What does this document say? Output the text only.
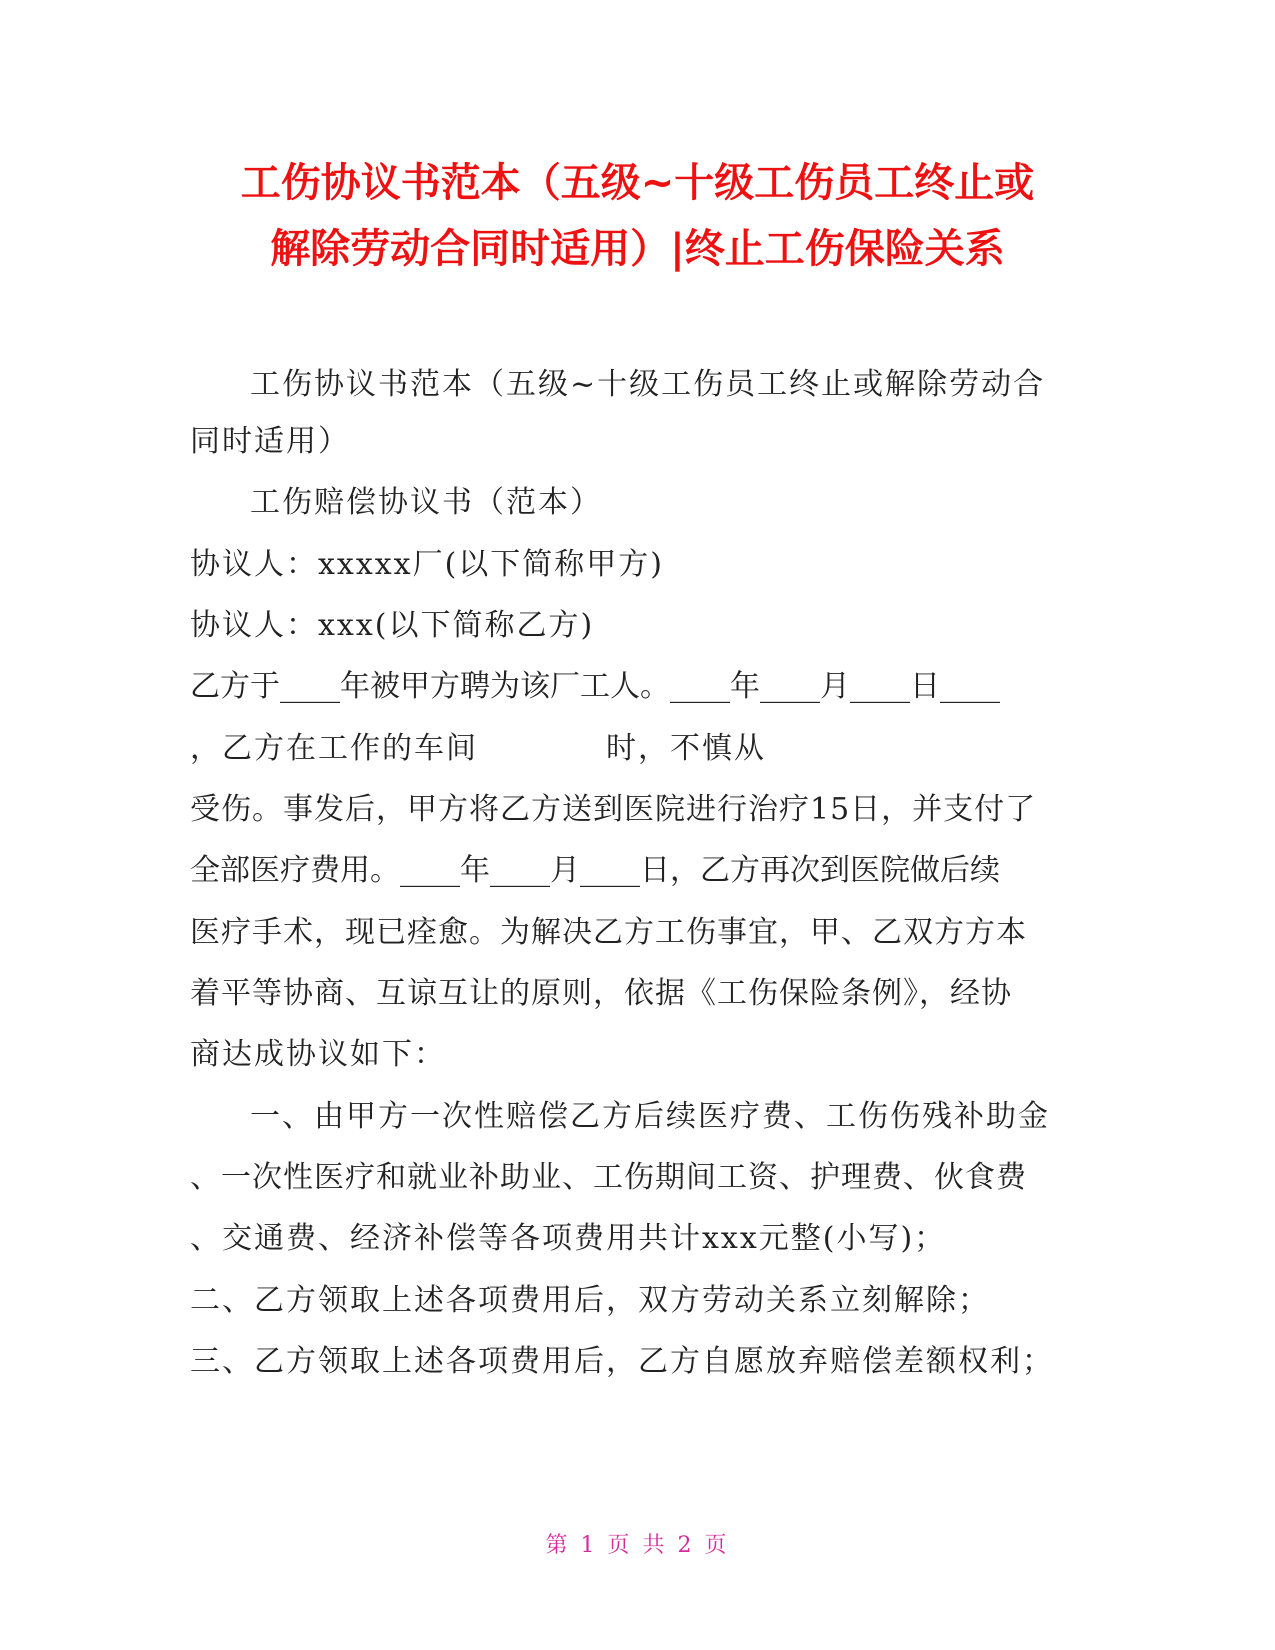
工伤协议书范本（五级~十级工伤员工终止或
解除劳动合同时适用）|终止工伤保险关系
工伤协议书范本（五级~十级工伤员工终止或解除劳动合
同时适用）
工伤赔偿协议书（范本）
协议人：xxxxx厂(以下简称甲方)
协议人：xxx(以下简称乙方)
乙方于____年被甲方聘为该厂工人。____年____月____日____
，乙方在工作的车间　　　　时，不慎从
受伤。事发后，甲方将乙方送到医院进行治疗15日，并支付了
全部医疗费用。____年____月____日，乙方再次到医院做后续
医疗手术，现已痊愈。为解决乙方工伤事宜，甲、乙双方方本
着平等协商、互谅互让的原则，依据《工伤保险条例》，经协
商达成协议如下：
一、由甲方一次性赔偿乙方后续医疗费、工伤伤残补助金
、一次性医疗和就业补助业、工伤期间工资、护理费、伙食费
、交通费、经济补偿等各项费用共计xxx元整(小写)；
二、乙方领取上述各项费用后，双方劳动关系立刻解除；
三、乙方领取上述各项费用后，乙方自愿放弃赔偿差额权利；
第 1 页 共 2 页
